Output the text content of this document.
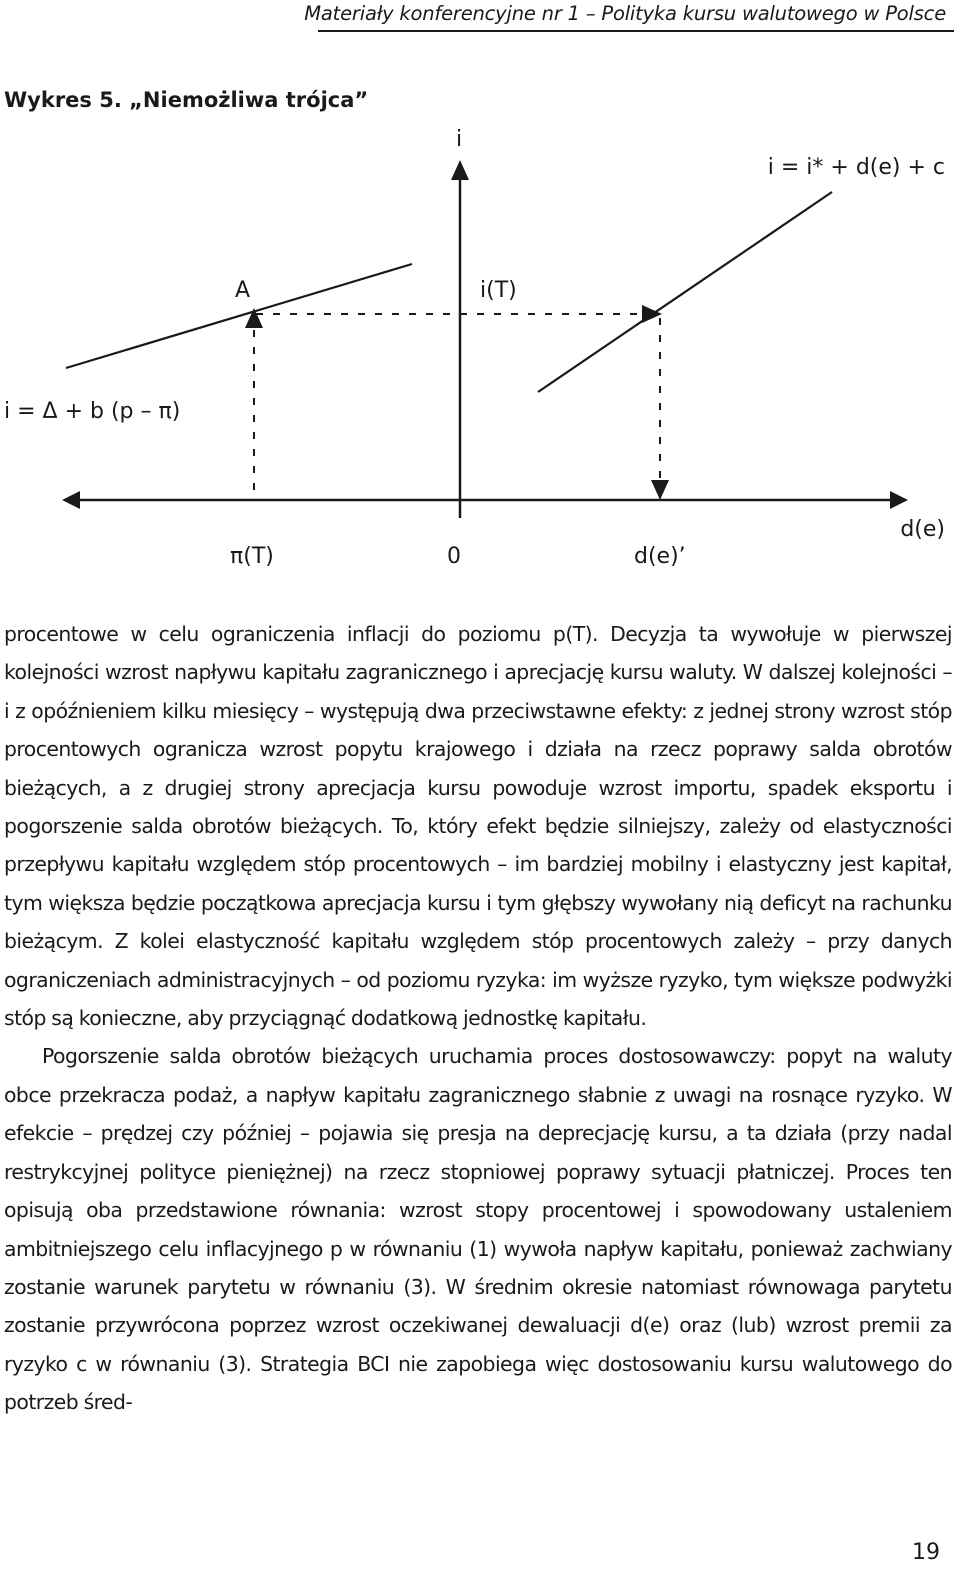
Materiały konferencyjne nr 1 – Polityka kursu walutowego w Polsce
Wykres 5. „Niemożliwa trójca”
i
i = i* + d(e) + c
A	i(T)
i = Δ + b (p – π)
π(T)	0	d(e)’
d(e)

procentowe w celu ograniczenia inflacji do poziomu p(T). Decyzja ta wywołuje w pierwszej kolejności wzrost napływu kapitału zagranicznego i aprecjację kursu waluty. W dalszej kolejności – i z opóźnieniem kilku miesięcy – występują dwa przeciwstawne efekty: z jednej strony wzrost stóp procentowych ogranicza wzrost popytu krajowego i działa na rzecz poprawy salda obrotów bieżących, a z drugiej strony aprecjacja kursu powoduje wzrost importu, spadek eksportu i pogorszenie salda obrotów bieżących. To, który efekt będzie silniejszy, zależy od elastyczności przepływu kapitału względem stóp procentowych – im bardziej mobilny i elastyczny jest kapitał, tym większa będzie początkowa aprecjacja kursu i tym głębszy wywołany nią deficyt na rachunku bieżącym. Z kolei elastyczność kapitału względem stóp procentowych zależy – przy danych ograniczeniach administracyjnych – od poziomu ryzyka: im wyższe ryzyko, tym większe podwyżki stóp są konieczne, aby przyciągnąć dodatkową jednostkę kapitału.

Pogorszenie salda obrotów bieżących uruchamia proces dostosowawczy: popyt na waluty obce przekracza podaż, a napływ kapitału zagranicznego słabnie z uwagi na rosnące ryzyko. W efekcie – prędzej czy później – pojawia się presja na deprecjację kursu, a ta działa (przy nadal restrykcyjnej polityce pieniężnej) na rzecz stopniowej poprawy sytuacji płatniczej. Proces ten opisują oba przedstawione równania: wzrost stopy procentowej i spowodowany ustaleniem ambitniejszego celu inflacyjnego p w równaniu (1) wywoła napływ kapitału, ponieważ zachwiany zostanie warunek parytetu w równaniu (3). W średnim okresie natomiast równowaga parytetu zostanie przywrócona poprzez wzrost oczekiwanej dewaluacji d(e) oraz (lub) wzrost premii za ryzyko c w równaniu (3). Strategia BCI nie zapobiega więc dostosowaniu kursu walutowego do potrzeb śred-

19
